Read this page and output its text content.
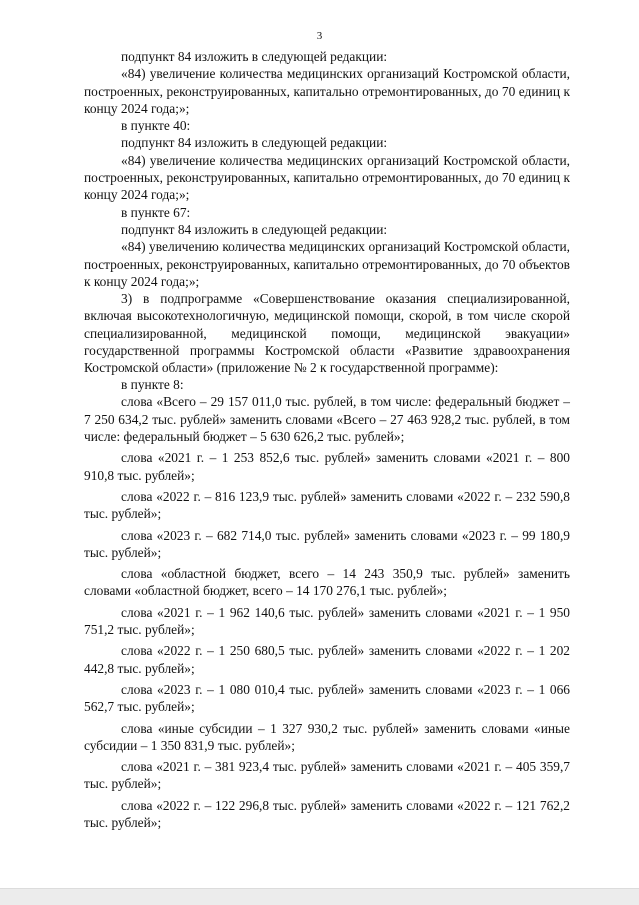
3

подпункт 84 изложить в следующей редакции:

«84) увеличение количества медицинских организаций Костромской области, построенных, реконструированных, капитально отремонтированных, до 70 единиц к концу 2024 года;»;

в пункте 40:

подпункт 84 изложить в следующей редакции:

«84) увеличение количества медицинских организаций Костромской области, построенных, реконструированных, капитально отремонтированных, до 70 единиц к концу 2024 года;»;

в пункте 67:

подпункт 84 изложить в следующей редакции:

«84) увеличению количества медицинских организаций Костромской области, построенных, реконструированных, капитально отремонтированных, до 70 объектов к концу 2024 года;»;

3) в подпрограмме «Совершенствование оказания специализированной, включая высокотехнологичную, медицинской помощи, скорой, в том числе скорой специализированной, медицинской помощи, медицинской эвакуации» государственной программы Костромской области «Развитие здравоохранения Костромской области» (приложение № 2 к государственной программе):

в пункте 8:

слова «Всего – 29 157 011,0 тыс. рублей, в том числе: федеральный бюджет – 7 250 634,2 тыс. рублей» заменить словами «Всего – 27 463 928,2 тыс. рублей, в том числе: федеральный бюджет – 5 630 626,2 тыс. рублей»;

слова «2021 г. – 1 253 852,6 тыс. рублей» заменить словами «2021 г. – 800 910,8 тыс. рублей»;

слова «2022 г. – 816 123,9 тыс. рублей» заменить словами «2022 г. – 232 590,8 тыс. рублей»;

слова «2023 г. – 682 714,0 тыс. рублей» заменить словами «2023 г. – 99 180,9 тыс. рублей»;

слова «областной бюджет, всего – 14 243 350,9 тыс. рублей» заменить словами «областной бюджет, всего – 14 170 276,1 тыс. рублей»;

слова «2021 г. – 1 962 140,6 тыс. рублей» заменить словами «2021 г. – 1 950 751,2 тыс. рублей»;

слова «2022 г. – 1 250 680,5 тыс. рублей» заменить словами «2022 г. – 1 202 442,8 тыс. рублей»;

слова «2023 г. – 1 080 010,4 тыс. рублей» заменить словами «2023 г. – 1 066 562,7 тыс. рублей»;

слова «иные субсидии – 1 327 930,2 тыс. рублей» заменить словами «иные субсидии – 1 350 831,9 тыс. рублей»;

слова «2021 г. – 381 923,4 тыс. рублей» заменить словами «2021 г. – 405 359,7 тыс. рублей»;

слова «2022 г. – 122 296,8 тыс. рублей» заменить словами «2022 г. – 121 762,2 тыс. рублей»;
